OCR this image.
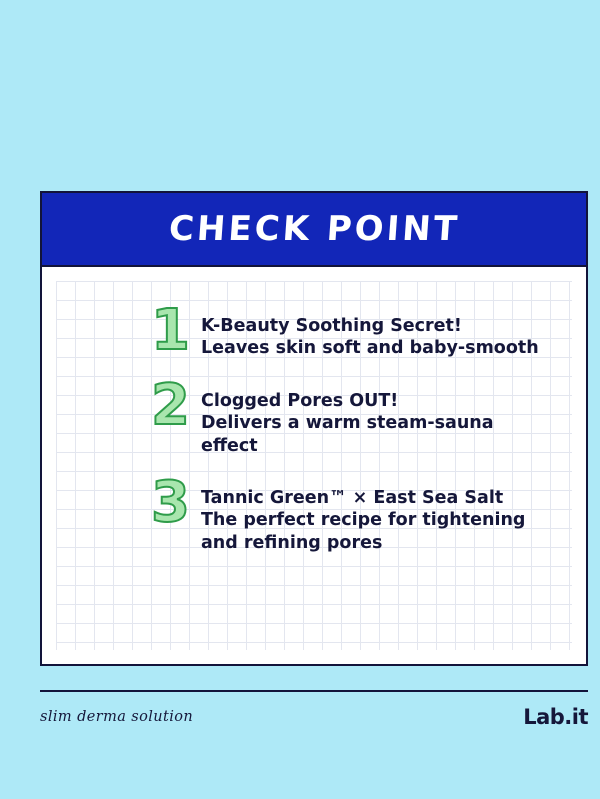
CHECK POINT
1 K-Beauty Soothing Secret!
Leaves skin soft and baby-smooth
2 Clogged Pores OUT!
Delivers a warm steam-sauna
effect
3 Tannic Green™ × East Sea Salt
The perfect recipe for tightening
and refining pores
slim derma solution	Lab.it
